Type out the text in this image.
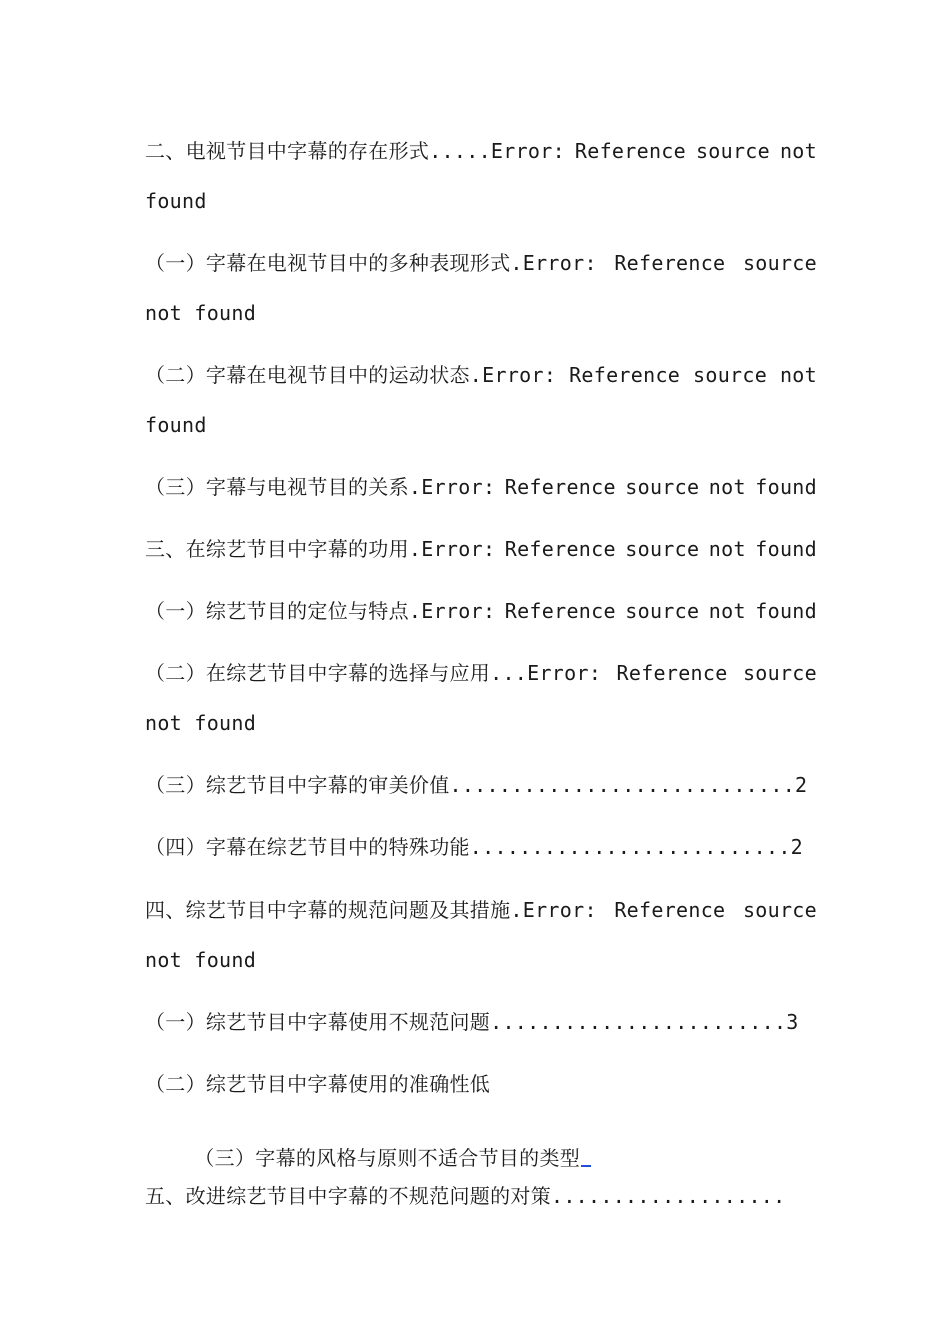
二、电视节目中字幕的存在形式.....Error: Reference source not
found
（一）字幕在电视节目中的多种表现形式.Error: Reference source
not found
（二）字幕在电视节目中的运动状态.Error: Reference source not
found
（三）字幕与电视节目的关系.Error: Reference source not found
三、在综艺节目中字幕的功用.Error: Reference source not found
（一）综艺节目的定位与特点.Error: Reference source not found
（二）在综艺节目中字幕的选择与应用...Error: Reference source
not found
（三）综艺节目中字幕的审美价值............................2
（四）字幕在综艺节目中的特殊功能..........................2
四、综艺节目中字幕的规范问题及其措施.Error: Reference source
not found
（一）综艺节目中字幕使用不规范问题........................3
（二）综艺节目中字幕使用的准确性低

（三）字幕的风格与原则不适合节目的类型

五、改进综艺节目中字幕的不规范问题的对策...................
